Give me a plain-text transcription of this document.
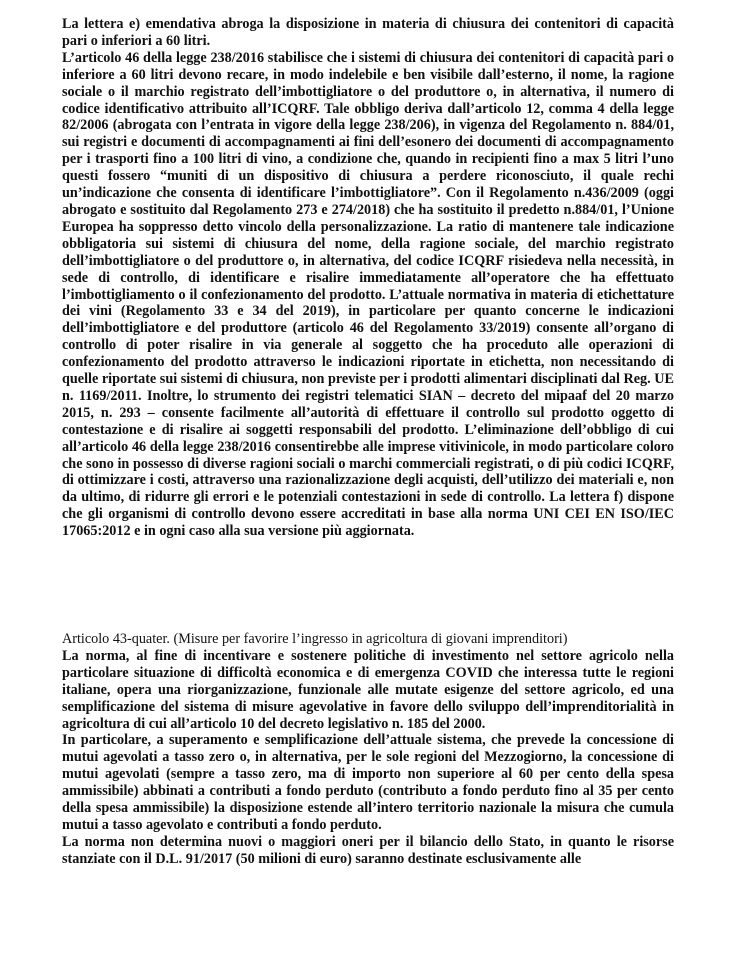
La lettera e) emendativa abroga la disposizione in materia di chiusura dei contenitori di capacità pari o inferiori a 60 litri.

L’articolo 46 della legge 238/2016 stabilisce che i sistemi di chiusura dei contenitori di capacità pari o inferiore a 60 litri devono recare, in modo indelebile e ben visibile dall’esterno, il nome, la ragione sociale o il marchio registrato dell’imbottigliatore o del produttore o, in alternativa, il numero di codice identificativo attribuito all’ICQRF. Tale obbligo deriva dall’articolo 12, comma 4 della legge 82/2006 (abrogata con l’entrata in vigore della legge 238/206), in vigenza del Regolamento n. 884/01, sui registri e documenti di accompagnamenti ai fini dell’esonero dei documenti di accompagnamento per i trasporti fino a 100 litri di vino, a condizione che, quando in recipienti fino a max 5 litri l’uno questi fossero “muniti di un dispositivo di chiusura a perdere riconosciuto, il quale rechi un’indicazione che consenta di identificare l’imbottigliatore”. Con il Regolamento n.436/2009 (oggi abrogato e sostituito dal Regolamento 273 e 274/2018) che ha sostituito il predetto n.884/01, l’Unione Europea ha soppresso detto vincolo della personalizzazione. La ratio di mantenere tale indicazione obbligatoria sui sistemi di chiusura del nome, della ragione sociale, del marchio registrato dell’imbottigliatore o del produttore o, in alternativa, del codice ICQRF risiedeva nella necessità, in sede di controllo, di identificare e risalire immediatamente all’operatore che ha effettuato l’imbottigliamento o il confezionamento del prodotto. L’attuale normativa in materia di etichettature dei vini (Regolamento 33 e 34 del 2019), in particolare per quanto concerne le indicazioni dell’imbottigliatore e del produttore (articolo 46 del Regolamento 33/2019) consente all’organo di controllo di poter risalire in via generale al soggetto che ha proceduto alle operazioni di confezionamento del prodotto attraverso le indicazioni riportate in etichetta, non necessitando di quelle riportate sui sistemi di chiusura, non previste per i prodotti alimentari disciplinati dal Reg. UE n. 1169/2011. Inoltre, lo strumento dei registri telematici SIAN – decreto del mipaaf del 20 marzo 2015, n. 293 – consente facilmente all’autorità di effettuare il controllo sul prodotto oggetto di contestazione e di risalire ai soggetti responsabili del prodotto. L’eliminazione dell’obbligo di cui all’articolo 46 della legge 238/2016 consentirebbe alle imprese vitivinicole, in modo particolare coloro che sono in possesso di diverse ragioni sociali o marchi commerciali registrati, o di più codici ICQRF, di ottimizzare i costi, attraverso una razionalizzazione degli acquisti, dell’utilizzo dei materiali e, non da ultimo, di ridurre gli errori e le potenziali contestazioni in sede di controllo. La lettera f) dispone che gli organismi di controllo devono essere accreditati in base alla norma UNI CEI EN ISO/IEC 17065:2012 e in ogni caso alla sua versione più aggiornata.

Articolo 43-quater. (Misure per favorire l’ingresso in agricoltura di giovani imprenditori)

La norma, al fine di incentivare e sostenere politiche di investimento nel settore agricolo nella particolare situazione di difficoltà economica e di emergenza COVID che interessa tutte le regioni italiane, opera una riorganizzazione, funzionale alle mutate esigenze del settore agricolo, ed una semplificazione del sistema di misure agevolative in favore dello sviluppo dell’imprenditorialità in agricoltura di cui all’articolo 10 del decreto legislativo n. 185 del 2000.

In particolare, a superamento e semplificazione dell’attuale sistema, che prevede la concessione di mutui agevolati a tasso zero o, in alternativa, per le sole regioni del Mezzogiorno, la concessione di mutui agevolati (sempre a tasso zero, ma di importo non superiore al 60 per cento della spesa ammissibile) abbinati a contributi a fondo perduto (contributo a fondo perduto fino al 35 per cento della spesa ammissibile) la disposizione estende all’intero territorio nazionale la misura che cumula mutui a tasso agevolato e contributi a fondo perduto.

La norma non determina nuovi o maggiori oneri per il bilancio dello Stato, in quanto le risorse stanziate con il D.L. 91/2017 (50 milioni di euro) saranno destinate esclusivamente alle
